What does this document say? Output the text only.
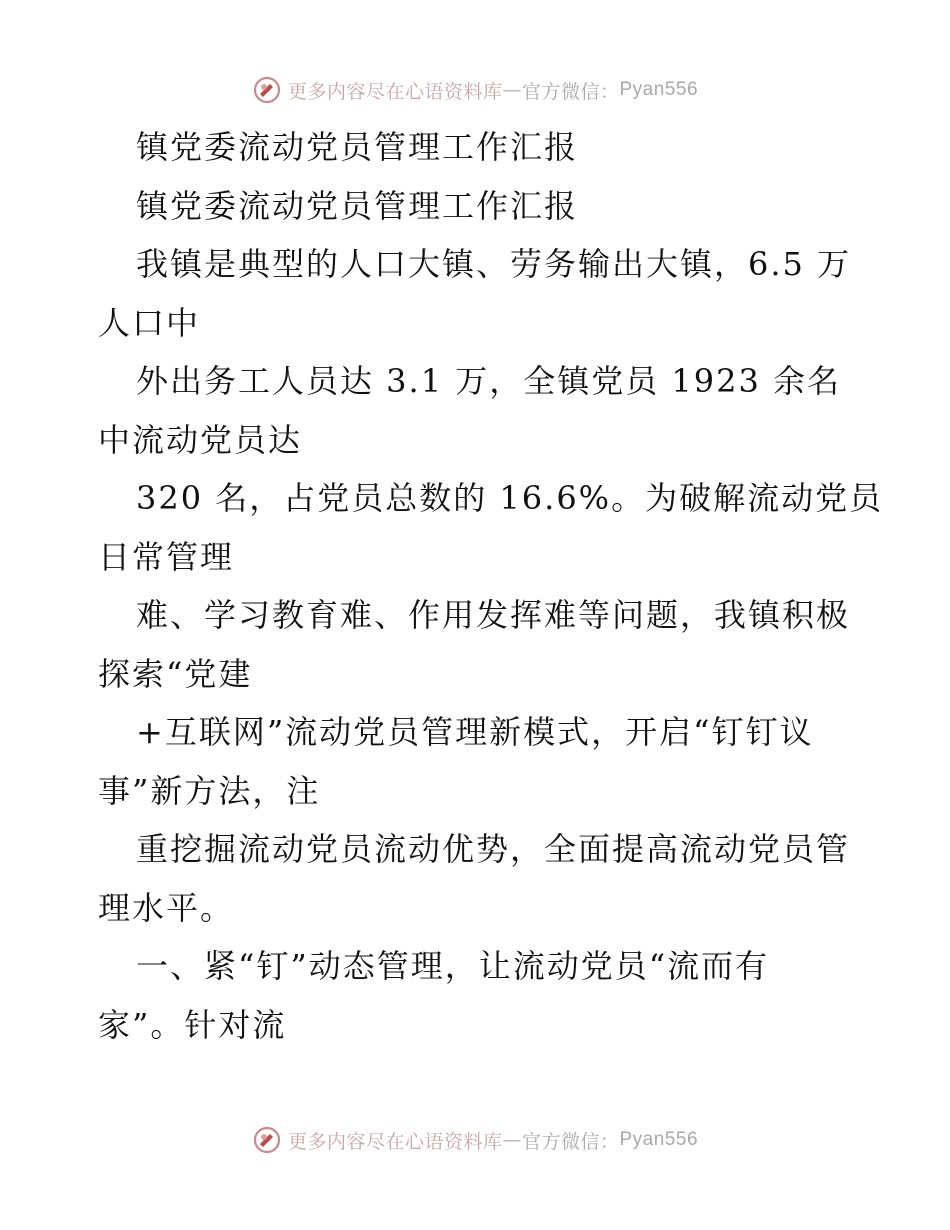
更多内容尽在心语资料库 — 官方微信： Pyan556
镇党委流动党员管理工作汇报
镇党委流动党员管理工作汇报
我镇是典型的人口大镇、劳务输出大镇，6.5 万
人口中
外出务工人员达 3.1 万，全镇党员 1923 余名
中流动党员达
320 名，占党员总数的 16.6%。为破解流动党员
日常管理
难、学习教育难、作用发挥难等问题，我镇积极
探索“党建
+互联网”流动党员管理新模式，开启“钉钉议
事”新方法，注
重挖掘流动党员流动优势，全面提高流动党员管
理水平。
一、紧“钉”动态管理，让流动党员“流而有
家”。针对流
更多内容尽在心语资料库 — 官方微信： Pyan556
